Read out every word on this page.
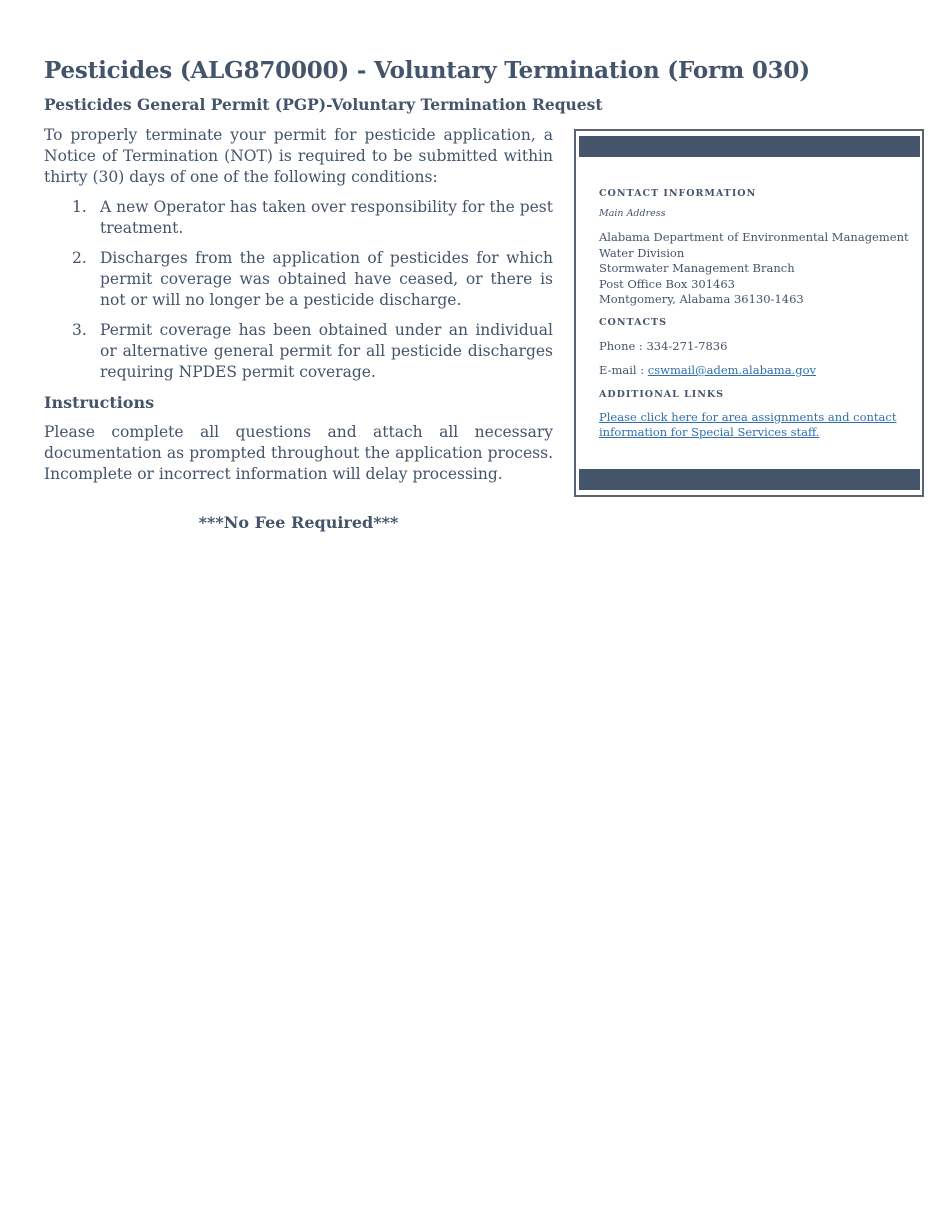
Pesticides (ALG870000) - Voluntary Termination (Form 030)
Pesticides General Permit (PGP)-Voluntary Termination Request

To properly terminate your permit for pesticide application, a Notice of Termination (NOT) is required to be submitted within thirty (30) days of one of the following conditions:

1. A new Operator has taken over responsibility for the pest treatment.
2. Discharges from the application of pesticides for which permit coverage was obtained have ceased, or there is not or will no longer be a pesticide discharge.
3. Permit coverage has been obtained under an individual or alternative general permit for all pesticide discharges requiring NPDES permit coverage.
Instructions

Please complete all questions and attach all necessary documentation as prompted throughout the application process. Incomplete or incorrect information will delay processing.

***No Fee Required***
CONTACT INFORMATION
Main Address
Alabama Department of Environmental Management
Water Division
Stormwater Management Branch
Post Office Box 301463
Montgomery, Alabama 36130-1463
CONTACTS
Phone : 334-271-7836
E-mail : cswmail@adem.alabama.gov
ADDITIONAL LINKS
Please click here for area assignments and contact information for Special Services staff.
